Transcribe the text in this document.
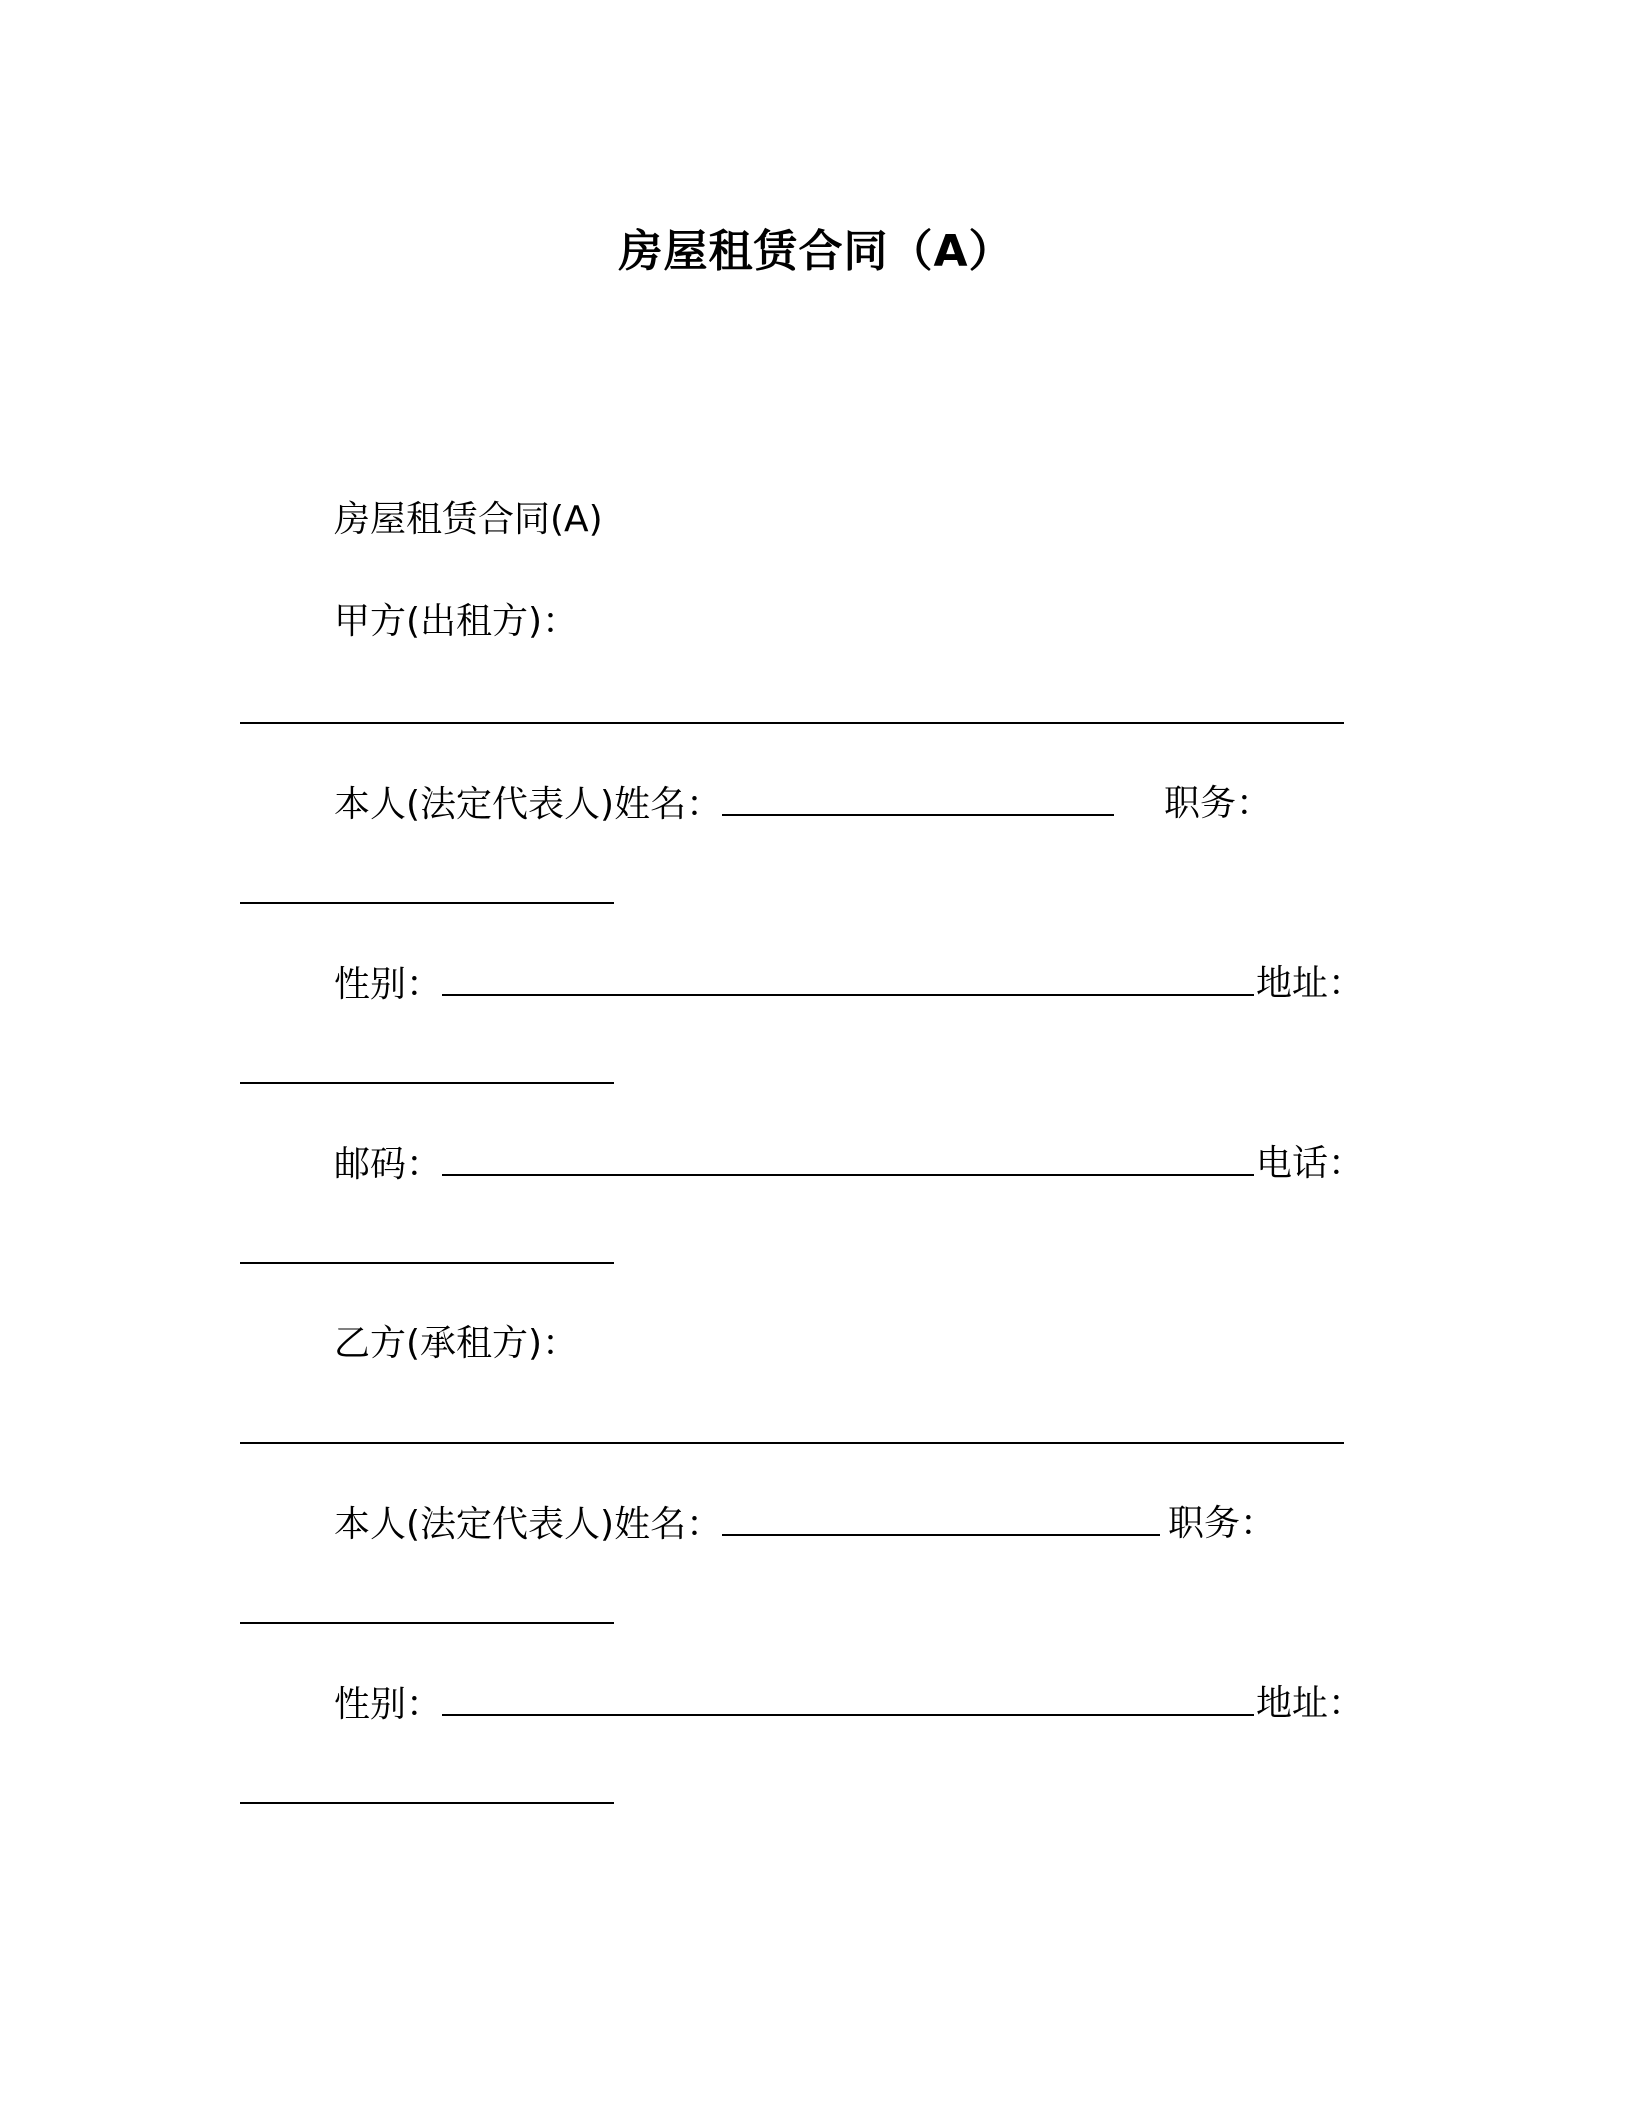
房屋租赁合同（A）
房屋租赁合同(A)
甲方(出租方)：
本人(法定代表人)姓名：	职务：
性别：	地址：
邮码：	电话：
乙方(承租方)：
本人(法定代表人)姓名：	职务：
性别：	地址：
